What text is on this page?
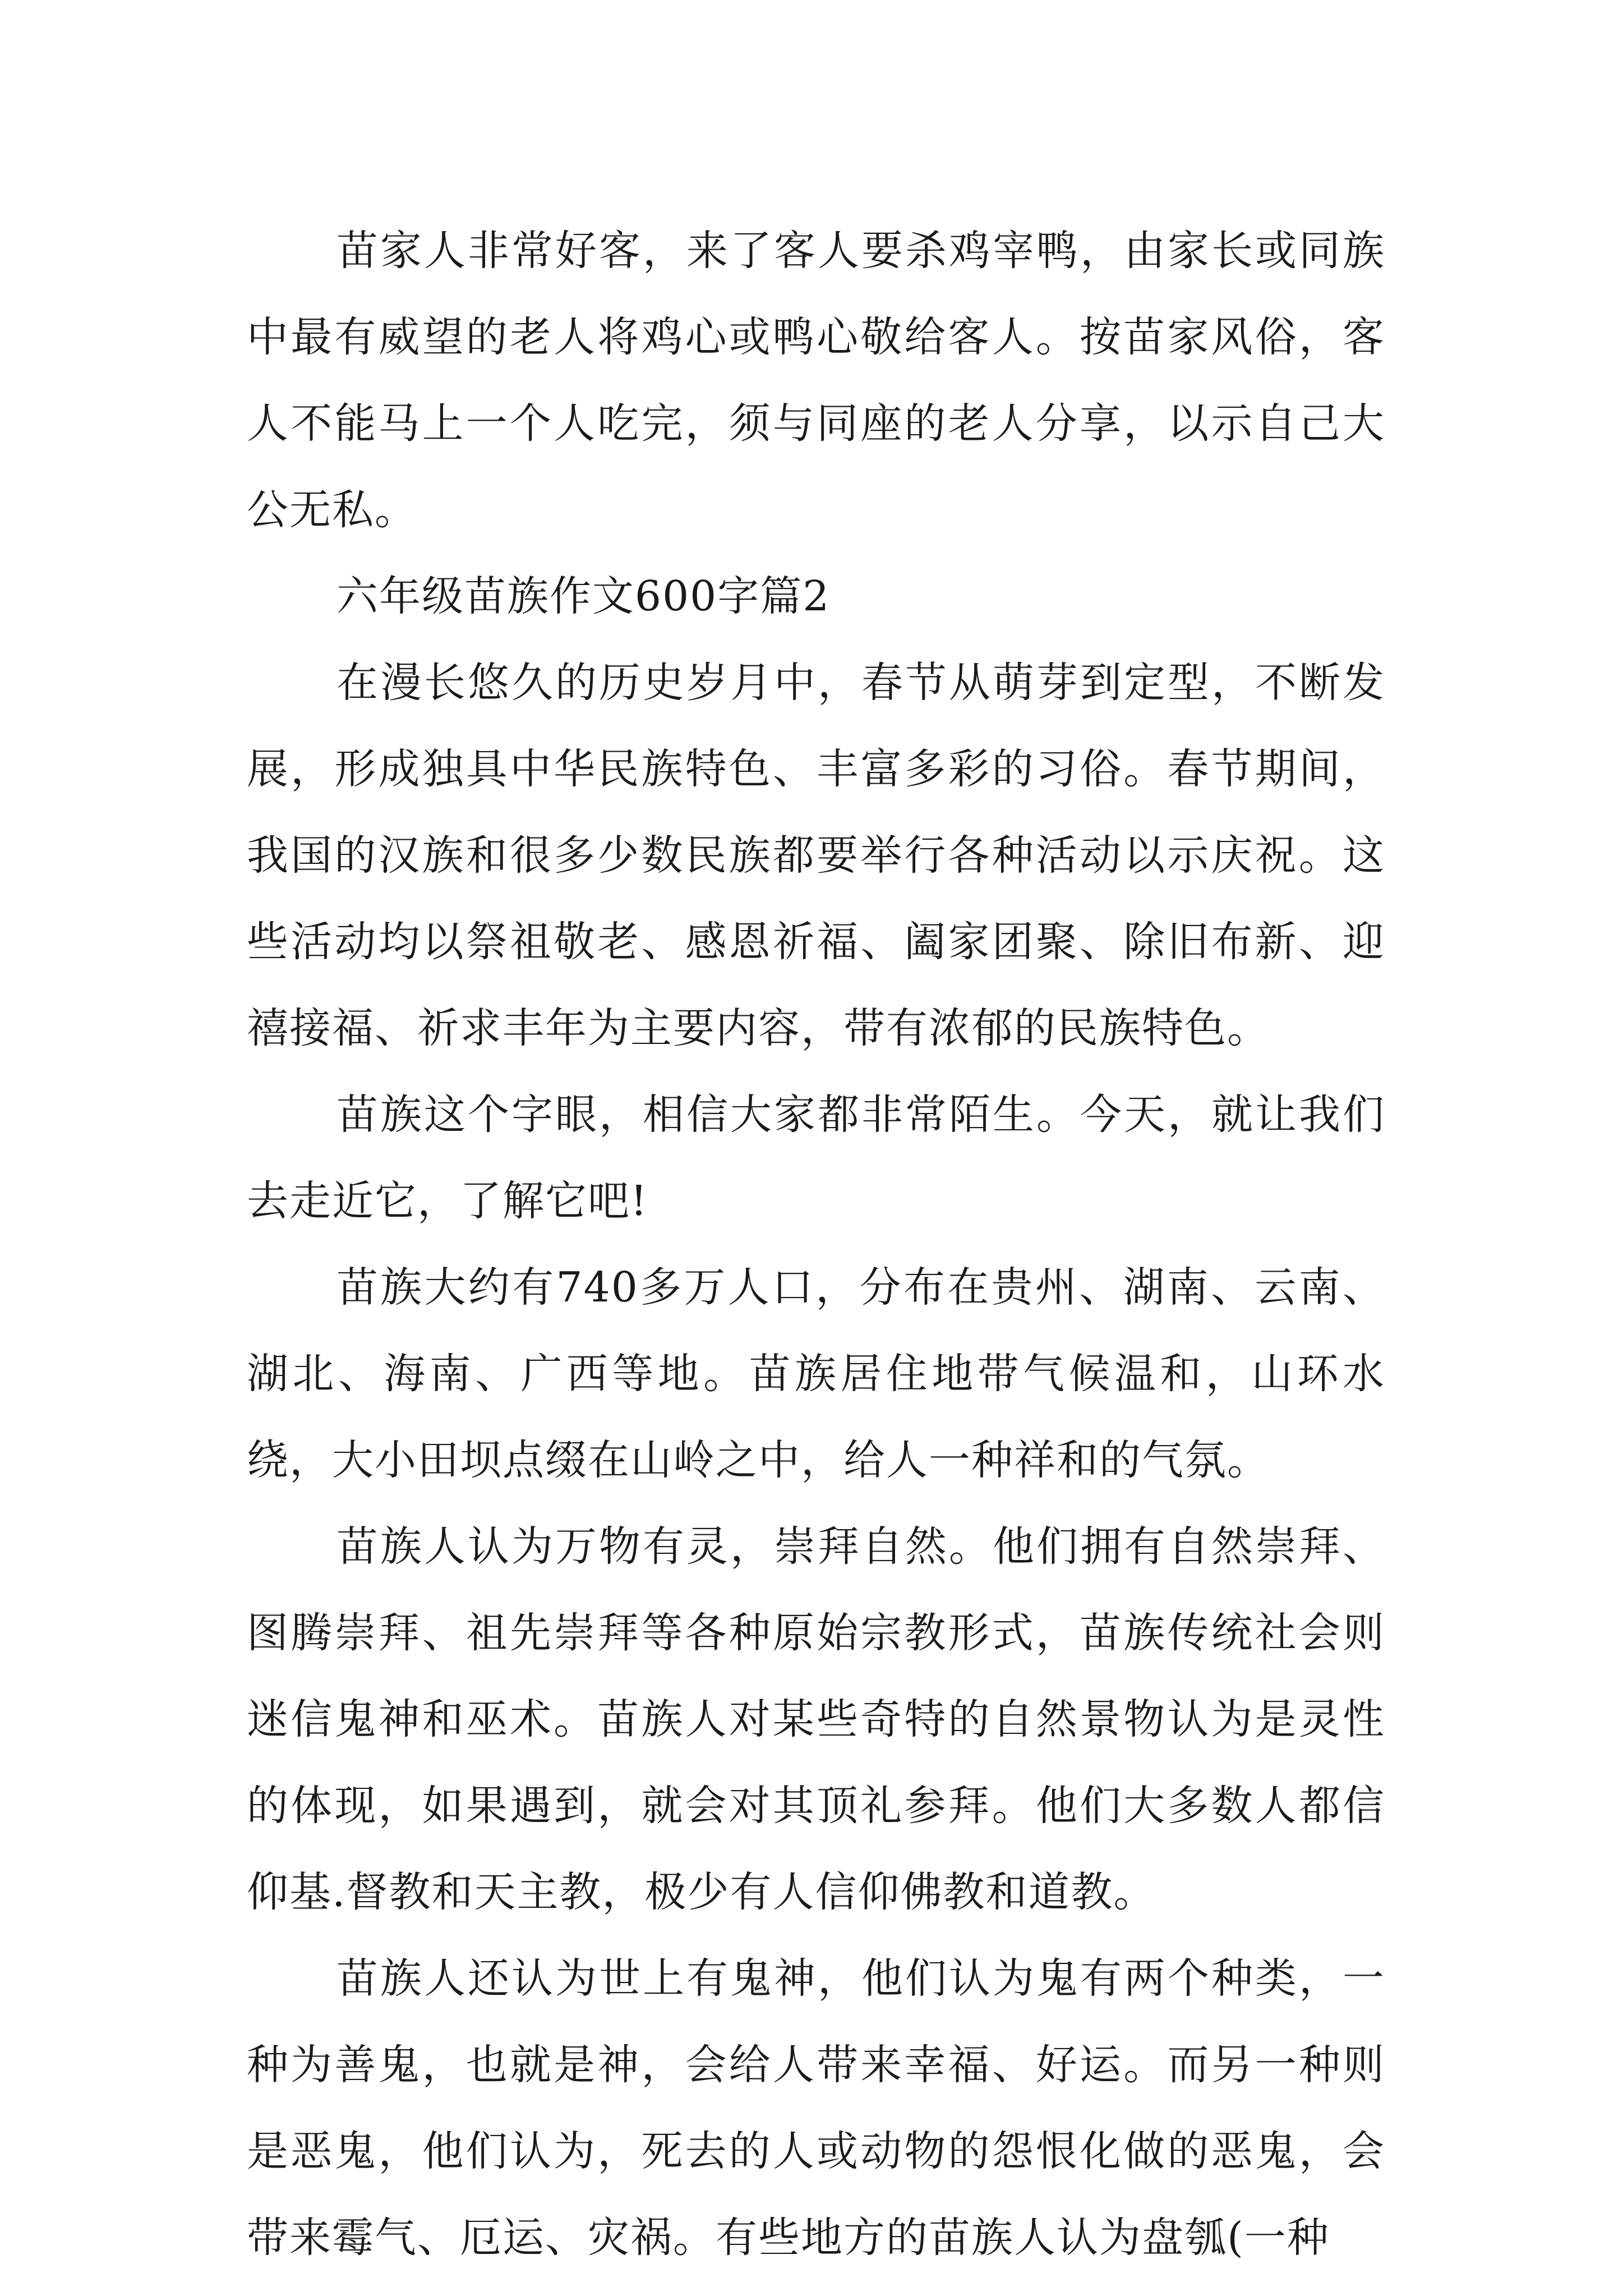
苗家人非常好客，来了客人要杀鸡宰鸭，由家长或同族中最有威望的老人将鸡心或鸭心敬给客人。按苗家风俗，客人不能马上一个人吃完，须与同座的老人分享，以示自己大公无私。

六年级苗族作文600字篇2

在漫长悠久的历史岁月中，春节从萌芽到定型，不断发展，形成独具中华民族特色、丰富多彩的习俗。春节期间，我国的汉族和很多少数民族都要举行各种活动以示庆祝。这些活动均以祭祖敬老、感恩祈福、阖家团聚、除旧布新、迎禧接福、祈求丰年为主要内容，带有浓郁的民族特色。

苗族这个字眼，相信大家都非常陌生。今天，就让我们去走近它，了解它吧!

苗族大约有740多万人口，分布在贵州、湖南、云南、湖北、海南、广西等地。苗族居住地带气候温和，山环水绕，大小田坝点缀在山岭之中，给人一种祥和的气氛。

苗族人认为万物有灵，崇拜自然。他们拥有自然崇拜、图腾崇拜、祖先崇拜等各种原始宗教形式，苗族传统社会则迷信鬼神和巫术。苗族人对某些奇特的自然景物认为是灵性的体现，如果遇到，就会对其顶礼参拜。他们大多数人都信仰基.督教和天主教，极少有人信仰佛教和道教。

苗族人还认为世上有鬼神，他们认为鬼有两个种类，一种为善鬼，也就是神，会给人带来幸福、好运。而另一种则是恶鬼，他们认为，死去的人或动物的怨恨化做的恶鬼，会带来霉气、厄运、灾祸。有些地方的苗族人认为盘瓠(一种
